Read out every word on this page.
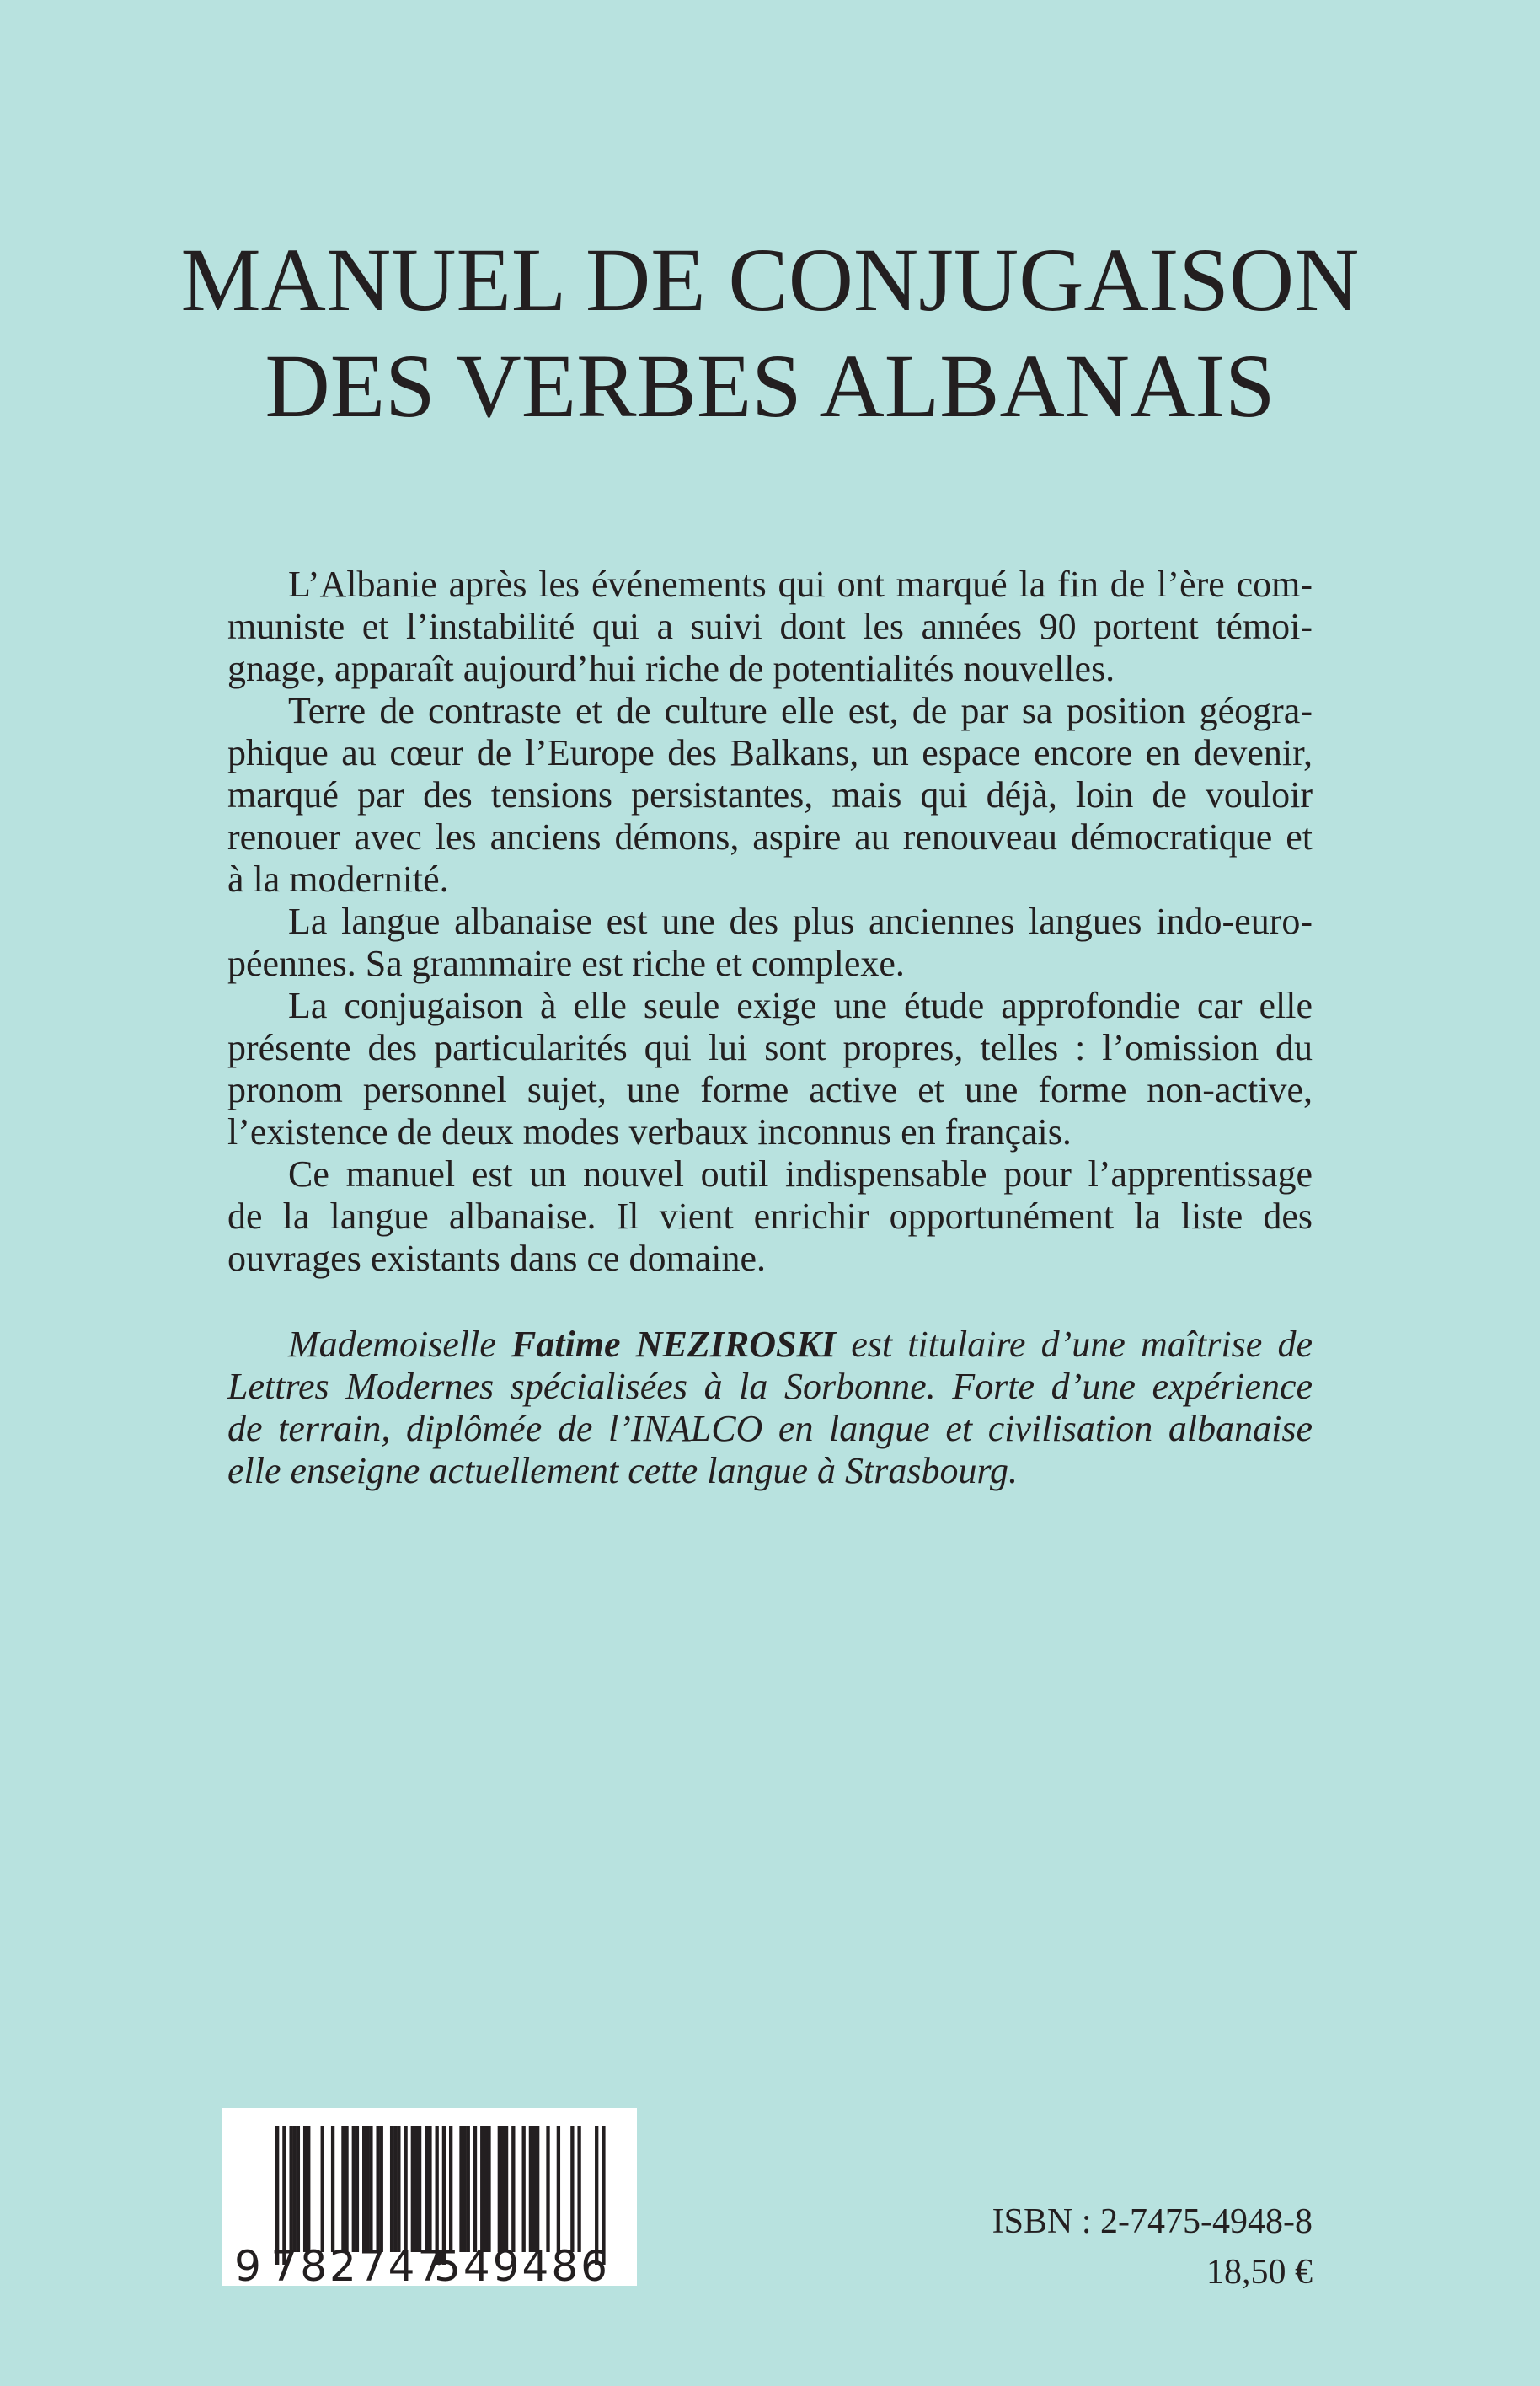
MANUEL DE CONJUGAISON
DES VERBES ALBANAIS

L’Albanie après les événements qui ont marqué la fin de l’ère com-
muniste et l’instabilité qui a suivi dont les années 90 portent témoi-
gnage, apparaît aujourd’hui riche de potentialités nouvelles.

Terre de contraste et de culture elle est, de par sa position géogra-
phique au cœur de l’Europe des Balkans, un espace encore en devenir,
marqué par des tensions persistantes, mais qui déjà, loin de vouloir
renouer avec les anciens démons, aspire au renouveau démocratique et
à la modernité.

La langue albanaise est une des plus anciennes langues indo-euro-
péennes. Sa grammaire est riche et complexe.

La conjugaison à elle seule exige une étude approfondie car elle
présente des particularités qui lui sont propres, telles : l’omission du
pronom personnel sujet, une forme active et une forme non-active,
l’existence de deux modes verbaux inconnus en français.

Ce manuel est un nouvel outil indispensable pour l’apprentissage
de la langue albanaise. Il vient enrichir opportunément la liste des
ouvrages existants dans ce domaine.

Mademoiselle Fatime NEZIROSKI est titulaire d’une maîtrise de
Lettres Modernes spécialisées à la Sorbonne. Forte d’une expérience
de terrain, diplômée de l’INALCO en langue et civilisation albanaise
elle enseigne actuellement cette langue à Strasbourg.

9 782747
549486
ISBN : 2-7475-4948-8
18,50 €
